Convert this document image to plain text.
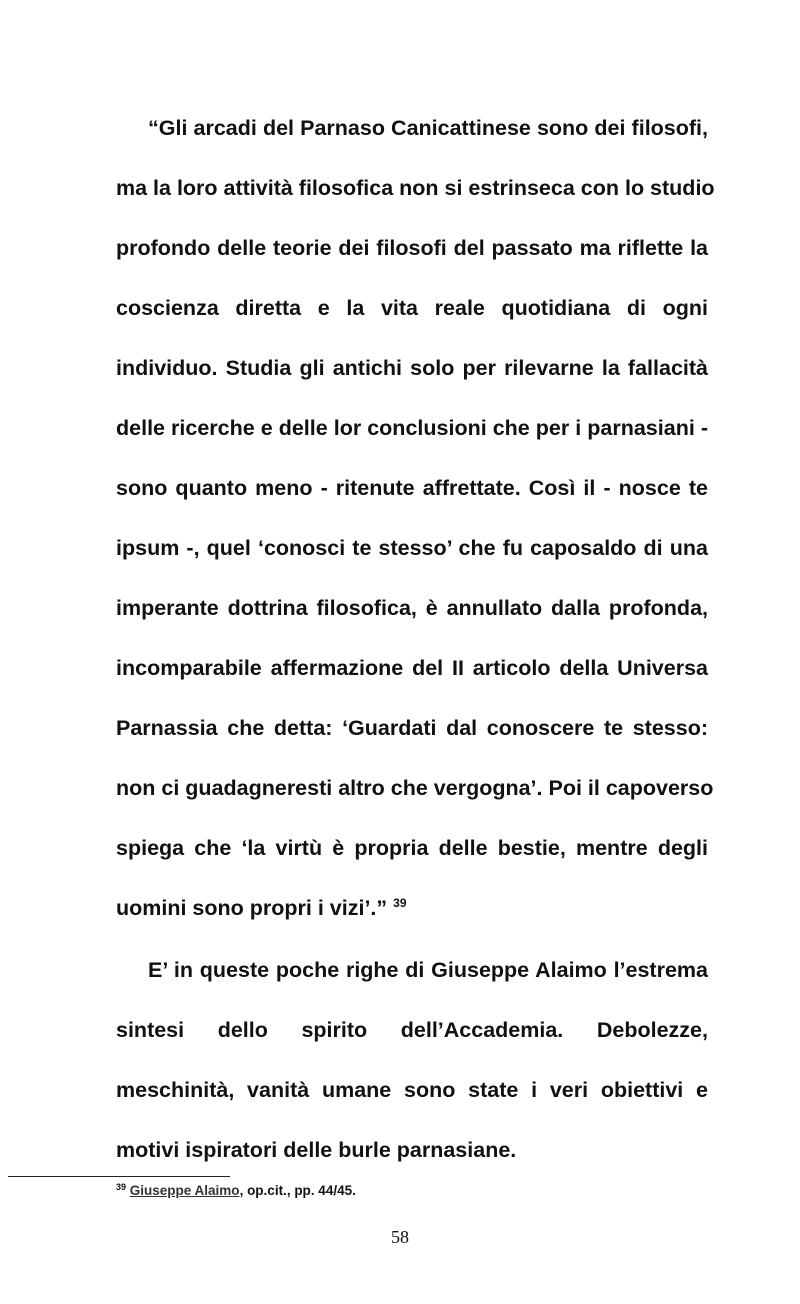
“Gli arcadi del Parnaso Canicattinese sono dei filosofi,
ma la loro attività filosofica non si estrinseca con lo studio
profondo delle teorie dei filosofi del passato ma riflette la
coscienza diretta e la vita reale quotidiana di ogni
individuo. Studia gli antichi solo per rilevarne la fallacità
delle ricerche e delle lor conclusioni che per i parnasiani -
sono quanto meno - ritenute affrettate. Così il - nosce te
ipsum -, quel ‘conosci te stesso’ che fu caposaldo di una
imperante dottrina filosofica, è annullato dalla profonda,
incomparabile affermazione del II articolo della Universa
Parnassia che detta: ‘Guardati dal conoscere te stesso:
non ci guadagneresti altro che vergogna’. Poi il capoverso
spiega che ‘la virtù è propria delle bestie, mentre degli
uomini sono propri i vizi’.” $^{39}$
E’ in queste poche righe di Giuseppe Alaimo l’estrema
sintesi dello spirito dell’Accademia. Debolezze,
meschinità, vanità umane sono state i veri obiettivi e
motivi ispiratori delle burle parnasiane.
$^{39}$ Giuseppe Alaimo, op.cit., pp. 44/45.
58
